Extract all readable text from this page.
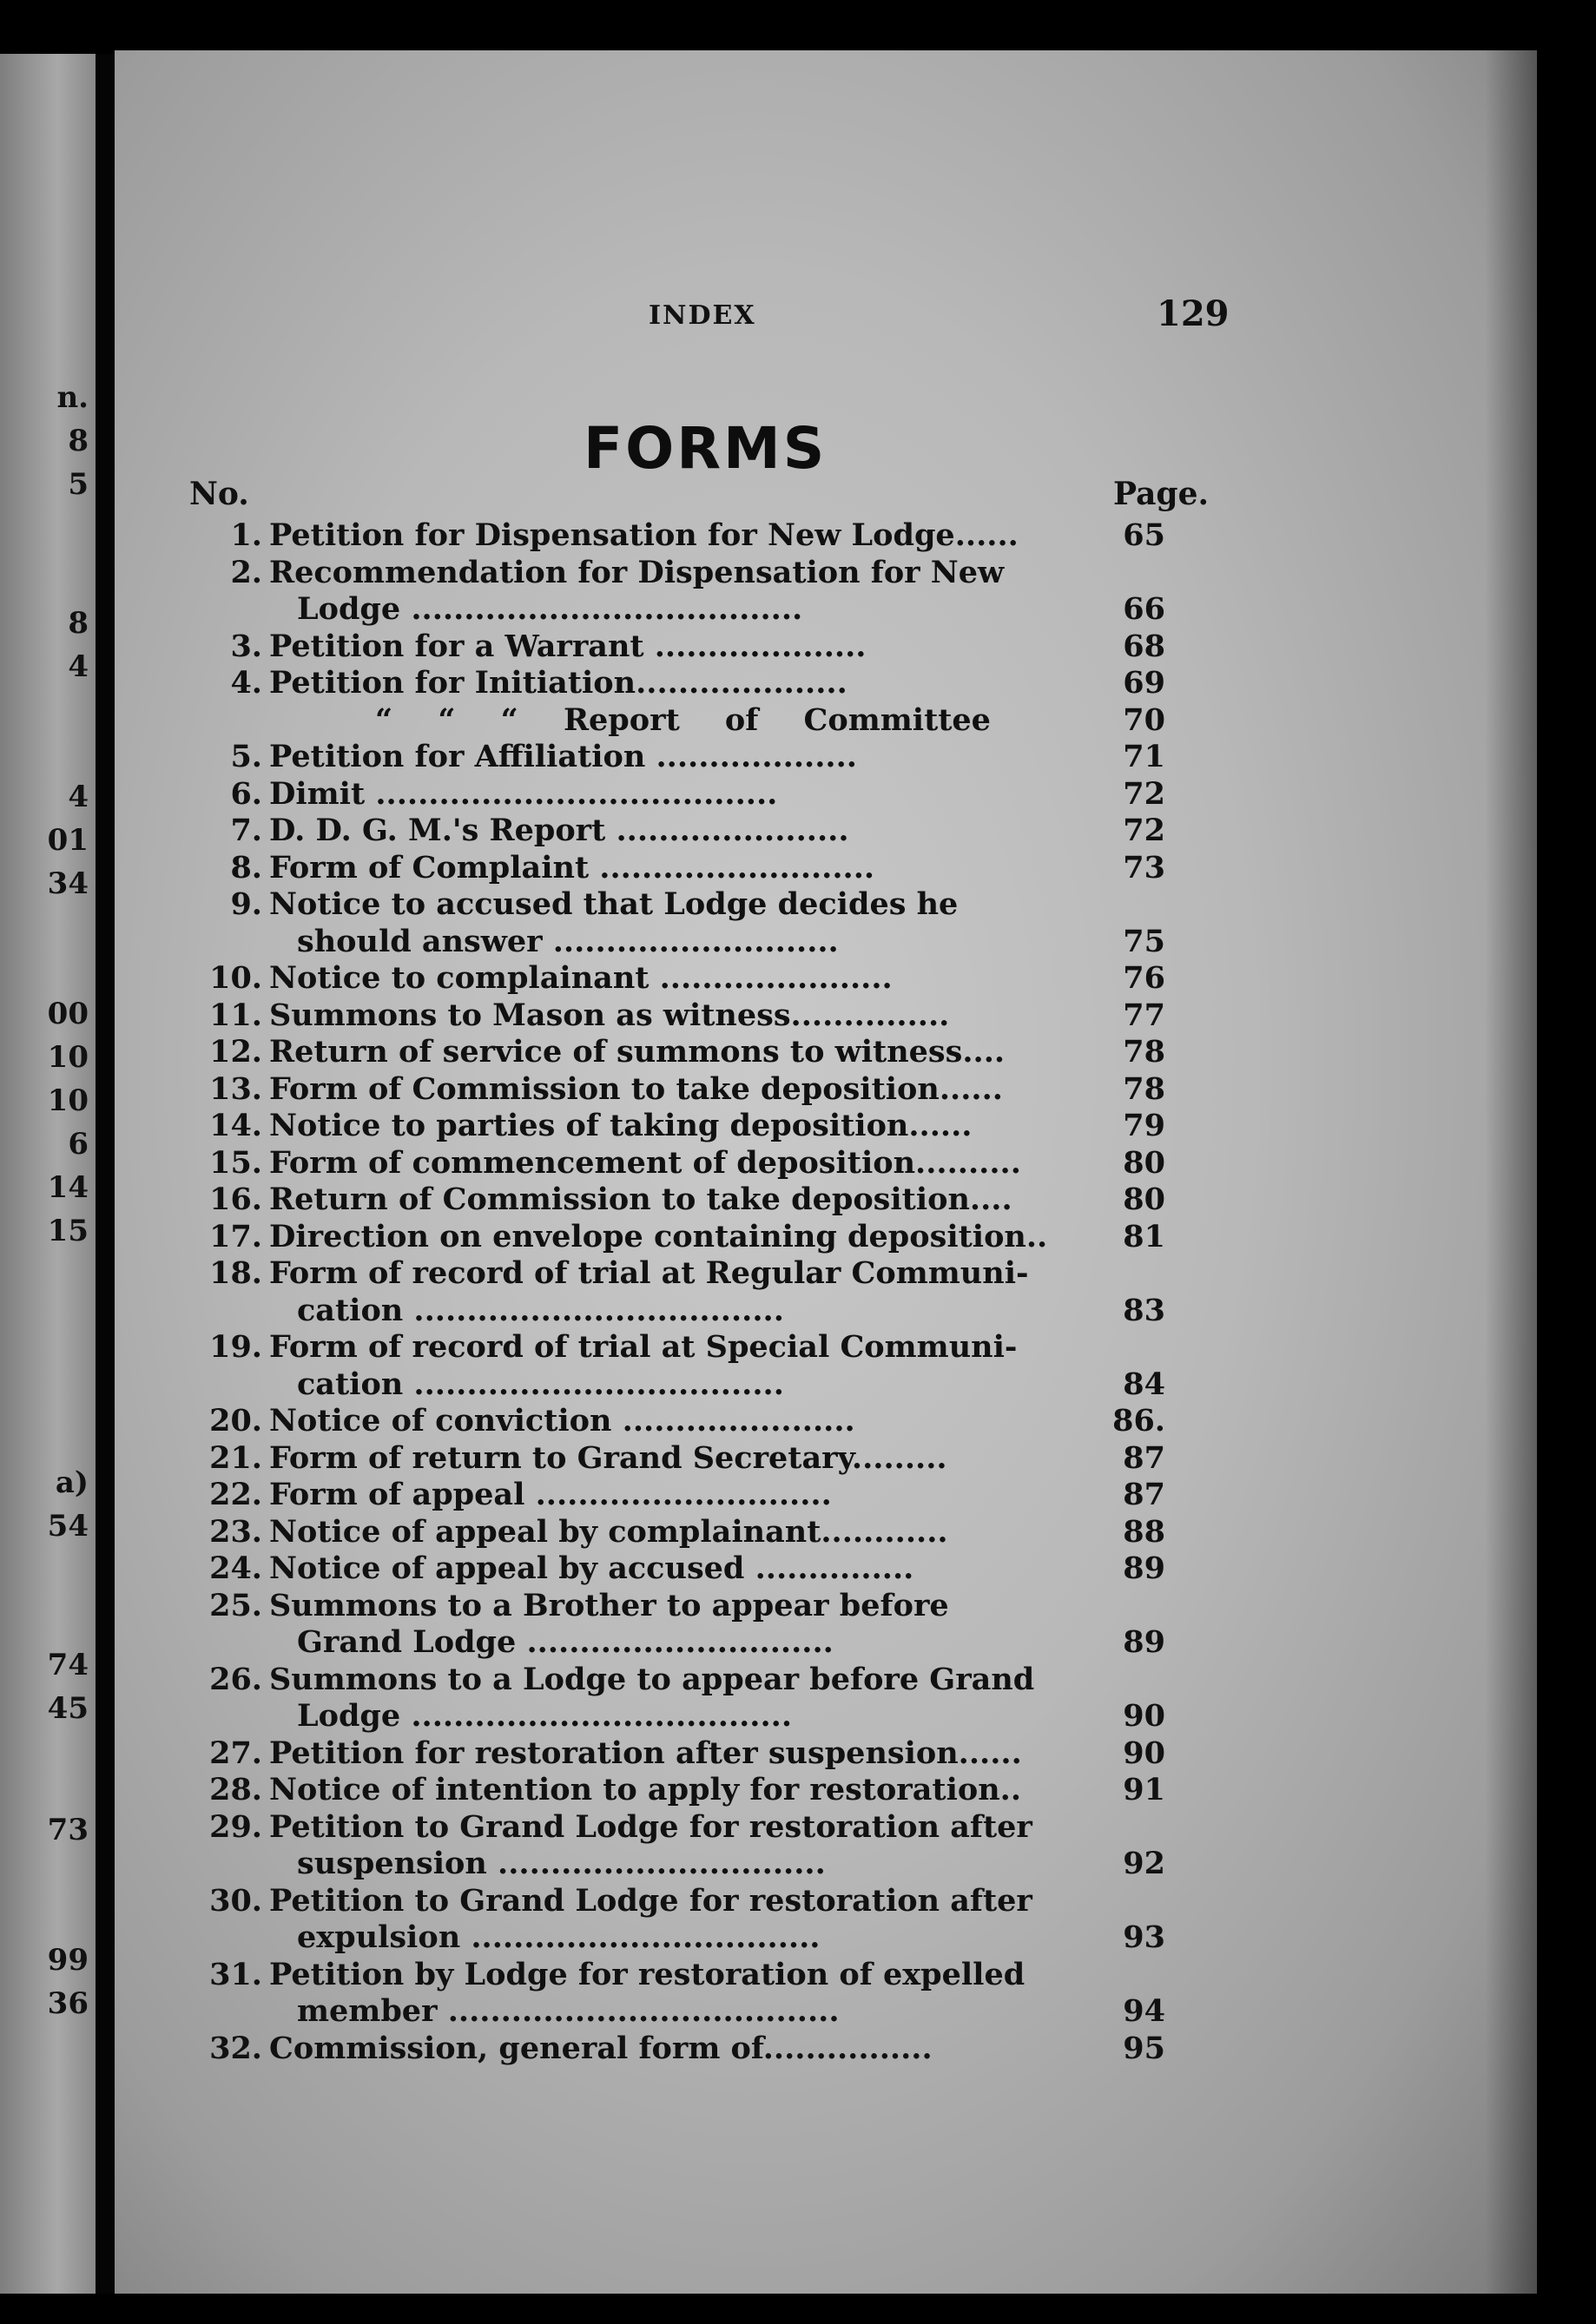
n.
8
5
8
4
4
01
34
00
10
10
6
14
15
a)
54
74
45
73
99
36
INDEX	129
FORMS
No.	Page.
1. Petition for Dispensation for New Lodge......	65
2. Recommendation for Dispensation for New
Lodge .....................................	66
3. Petition for a Warrant ....................	68
4. Petition for Initiation....................	69
“ “ “ Report of Committee	70
5. Petition for Affiliation ...................	71
6. Dimit ......................................	72
7. D. D. G. M.'s Report ......................	72
8. Form of Complaint ..........................	73
9. Notice to accused that Lodge decides he
should answer ...........................	75
10. Notice to complainant ......................	76
11. Summons to Mason as witness...............	77
12. Return of service of summons to witness....	78
13. Form of Commission to take deposition......	78
14. Notice to parties of taking deposition......	79
15. Form of commencement of deposition..........	80
16. Return of Commission to take deposition....	80
17. Direction on envelope containing deposition..	81
18. Form of record of trial at Regular Communi-
cation ...................................	83
19. Form of record of trial at Special Communi-
cation ...................................	84
20. Notice of conviction ......................	86.
21. Form of return to Grand Secretary.........	87
22. Form of appeal ............................	87
23. Notice of appeal by complainant............	88
24. Notice of appeal by accused ...............	89
25. Summons to a Brother to appear before
Grand Lodge .............................	89
26. Summons to a Lodge to appear before Grand
Lodge ....................................	90
27. Petition for restoration after suspension......	90
28. Notice of intention to apply for restoration..	91
29. Petition to Grand Lodge for restoration after
suspension ...............................	92
30. Petition to Grand Lodge for restoration after
expulsion .................................	93
31. Petition by Lodge for restoration of expelled
member .....................................	94
32. Commission, general form of................	95
